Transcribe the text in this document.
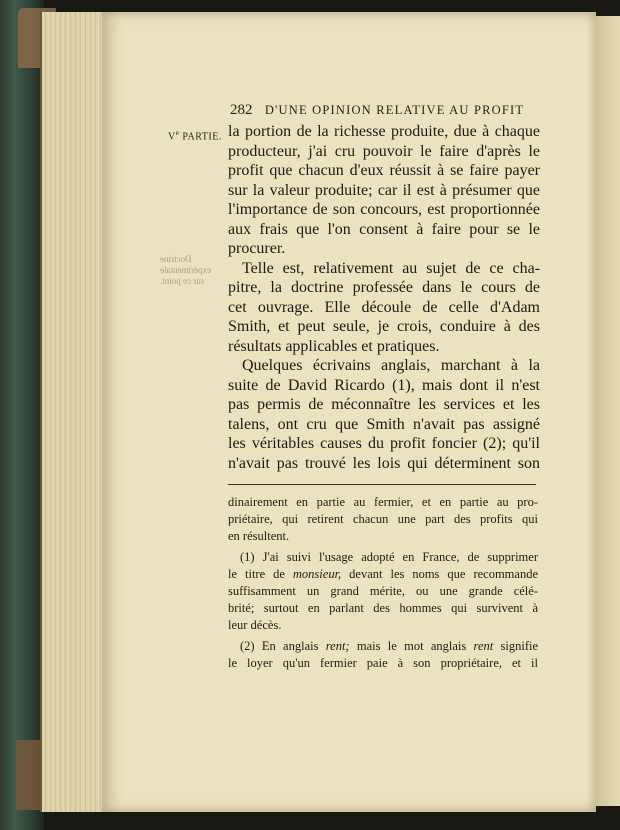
282 D'UNE OPINION RELATIVE AU PROFIT
Ve PARTIE.
Doctrine
expérimentale
sur ce point.
la portion de la richesse produite, due à chaque
producteur, j'ai cru pouvoir le faire d'après le
profit que chacun d'eux réussit à se faire payer
sur la valeur produite; car il est à présumer que
l'importance de son concours, est proportionnée
aux frais que l'on consent à faire pour se le
procurer.
Telle est, relativement au sujet de ce cha-
pitre, la doctrine professée dans le cours de
cet ouvrage. Elle découle de celle d'Adam
Smith, et peut seule, je crois, conduire à des
résultats applicables et pratiques.
Quelques écrivains anglais, marchant à la
suite de David Ricardo (1), mais dont il n'est
pas permis de méconnaître les services et les
talens, ont cru que Smith n'avait pas assigné
les véritables causes du profit foncier (2); qu'il
n'avait pas trouvé les lois qui déterminent son
dinairement en partie au fermier, et en partie au pro-
priétaire, qui retirent chacun une part des profits qui
en résultent.
(1) J'ai suivi l'usage adopté en France, de supprimer
le titre de monsieur, devant les noms que recommande
suffisamment un grand mérite, ou une grande célé-
brité; surtout en parlant des hommes qui survivent à
leur décès.
(2) En anglais rent; mais le mot anglais rent signifie
le loyer qu'un fermier paie à son propriétaire, et il
